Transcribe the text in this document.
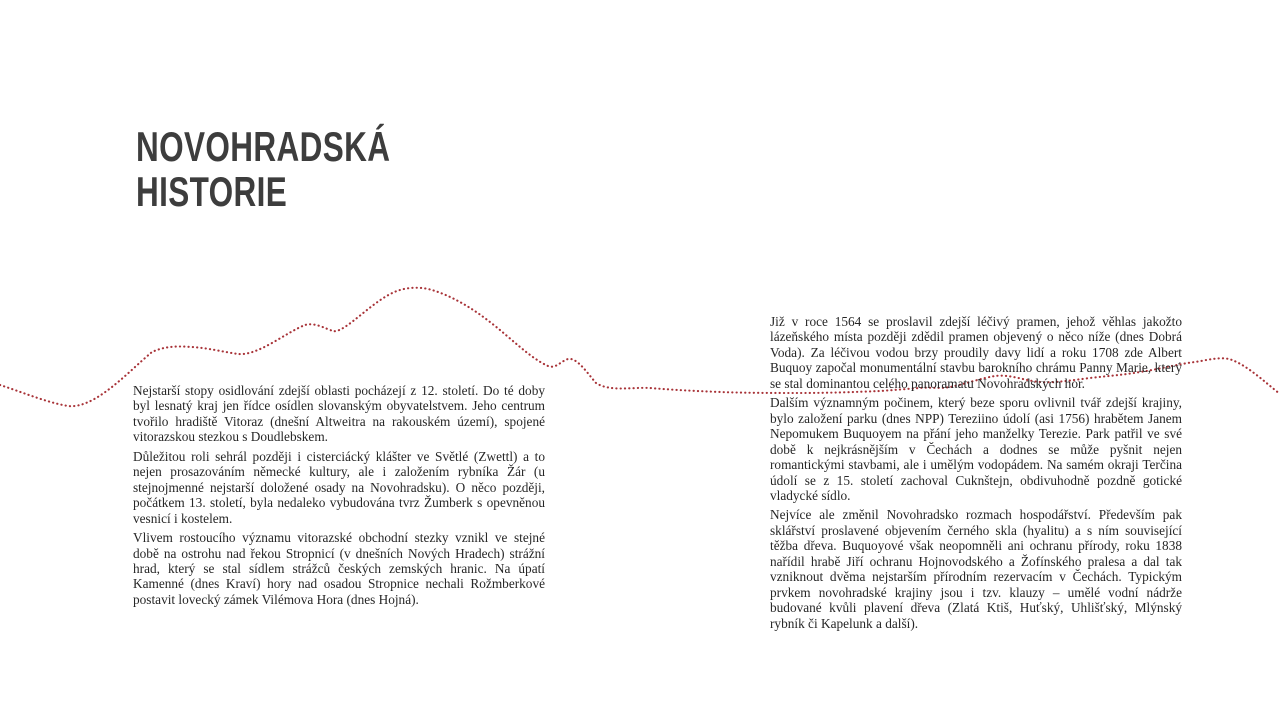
NOVOHRADSKÁ
HISTORIE

Nejstarší stopy osidlování zdejší oblasti pocházejí z 12. století. Do té doby byl lesnatý kraj jen řídce osídlen slovanským obyvatelstvem. Jeho centrum tvořilo hradiště Vitoraz (dnešní Altweitra na rakouském území), spojené vitorazskou stezkou s Doudlebskem.

Důležitou roli sehrál později i cisterciácký klášter ve Světlé (Zwettl) a to nejen prosazováním německé kultury, ale i založením rybníka Žár (u stejnojmenné nejstarší doložené osady na Novohradsku). O něco později, počátkem 13. století, byla nedaleko vybudována tvrz Žumberk s opevněnou vesnicí i kostelem.

Vlivem rostoucího významu vitorazské obchodní stezky vznikl ve stejné době na ostrohu nad řekou Stropnicí (v dnešních Nových Hradech) strážní hrad, který se stal sídlem strážců českých zemských hranic. Na úpatí Kamenné (dnes Kraví) hory nad osadou Stropnice nechali Rožmberkové postavit lovecký zámek Vilémova Hora (dnes Hojná).

Již v roce 1564 se proslavil zdejší léčivý pramen, jehož věhlas jakožto lázeňského místa později zdědil pramen objevený o něco níže (dnes Dobrá Voda). Za léčivou vodou brzy proudily davy lidí a roku 1708 zde Albert Buquoy započal monumentální stavbu barokního chrámu Panny Marie, který se stal dominantou celého panoramatu Novohradských hor.

Dalším významným počinem, který beze sporu ovlivnil tvář zdejší krajiny, bylo založení parku (dnes NPP) Tereziino údolí (asi 1756) hrabětem Janem Nepomukem Buquoyem na přání jeho manželky Terezie. Park patřil ve své době k nejkrásnějším v Čechách a dodnes se může pyšnit nejen romantickými stavbami, ale i umělým vodopádem. Na samém okraji Terčina údolí se z 15. století zachoval Cuknštejn, obdivuhodně pozdně gotické vladycké sídlo.

Nejvíce ale změnil Novohradsko rozmach hospodářství. Především pak sklářství proslavené objevením černého skla (hyalitu) a s ním související těžba dřeva. Buquoyové však neopomněli ani ochranu přírody, roku 1838 nařídil hrabě Jiří ochranu Hojnovodského a Žofínského pralesa a dal tak vzniknout dvěma nejstarším přírodním rezervacím v Čechách. Typickým prvkem novohradské krajiny jsou i tzv. klauzy – umělé vodní nádrže budované kvůli plavení dřeva (Zlatá Ktiš, Huťský, Uhlišťský, Mlýnský rybník či Kapelunk a další).
